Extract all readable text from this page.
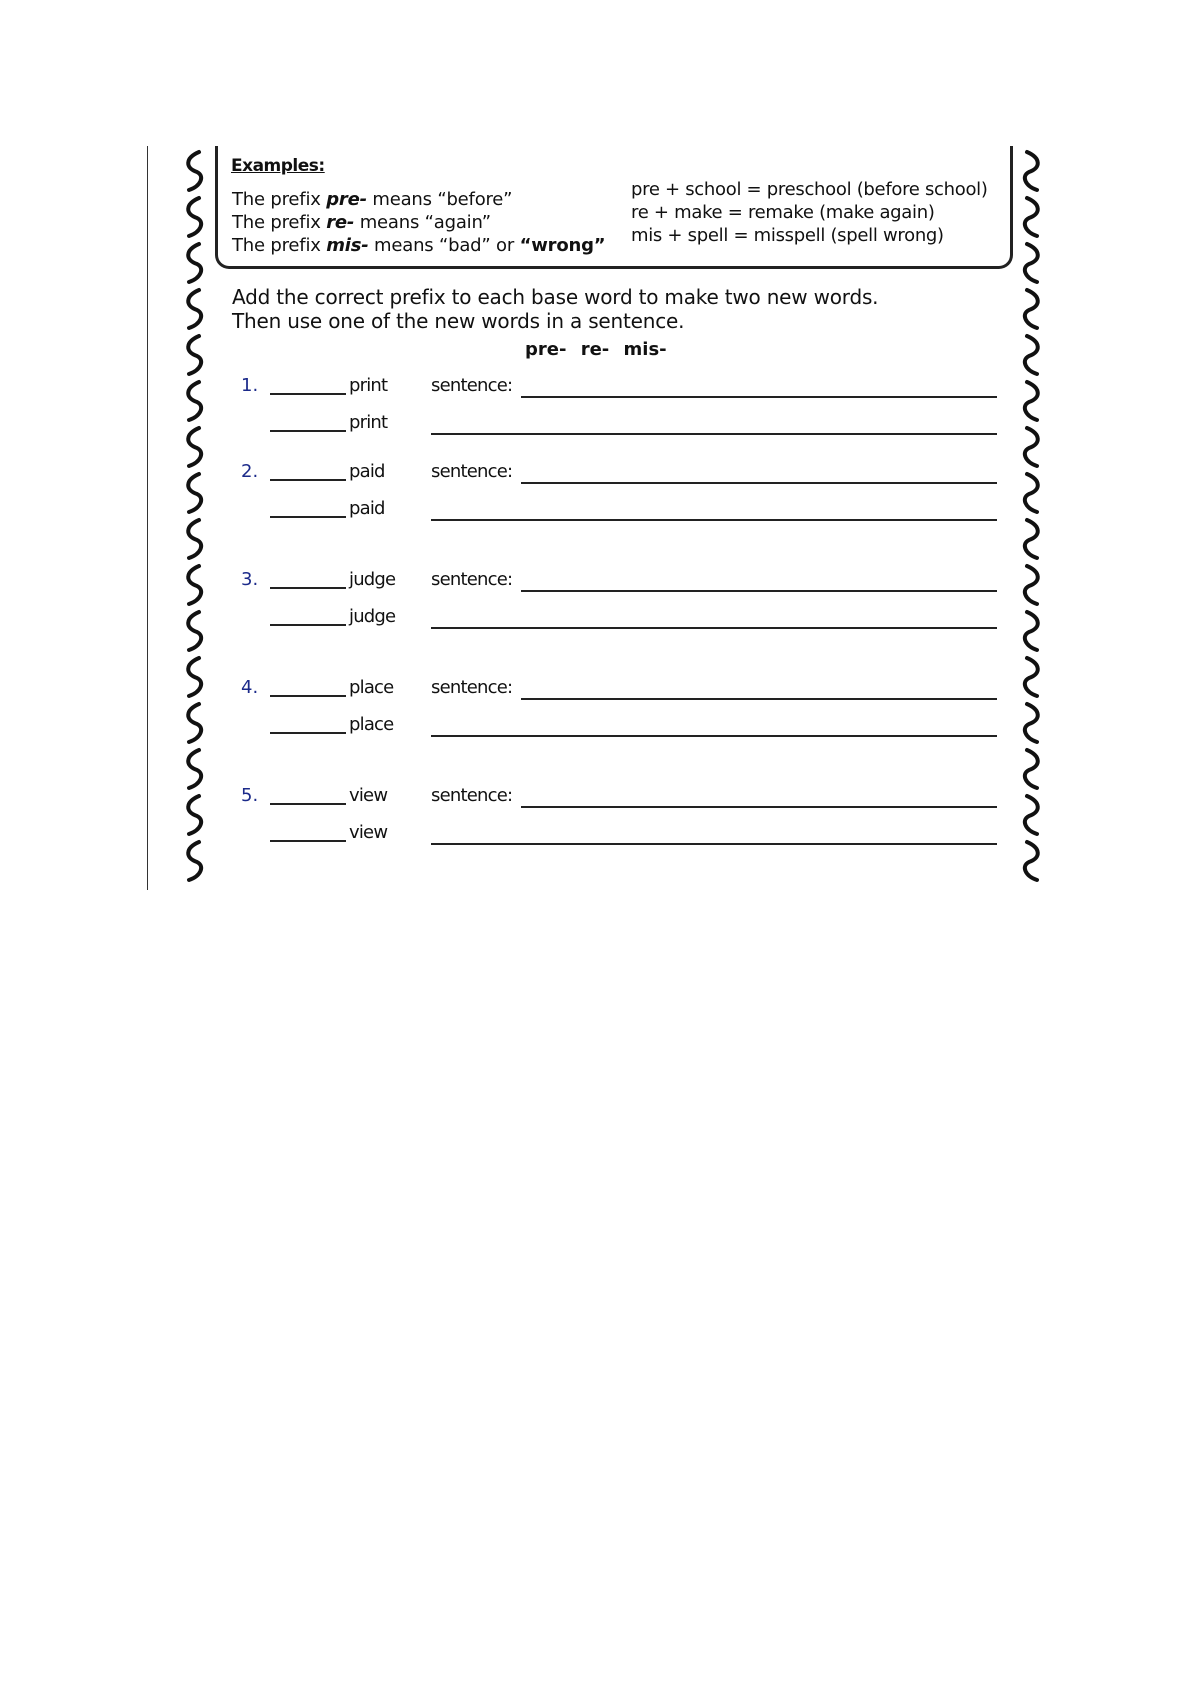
Examples:
The prefix pre- means “before”
The prefix re- means “again”
The prefix mis- means “bad” or “wrong”
pre + school = preschool (before school)
re + make = remake (make again)
mis + spell = misspell (spell wrong)
Add the correct prefix to each base word to make two new words.
Then use one of the new words in a sentence.
pre- re- mis-
1.	print sentence:
print
2.	paid	sentence:
paid
3.	judge sentence:
judge
4.	place sentence:
place
5.	view sentence:
view
